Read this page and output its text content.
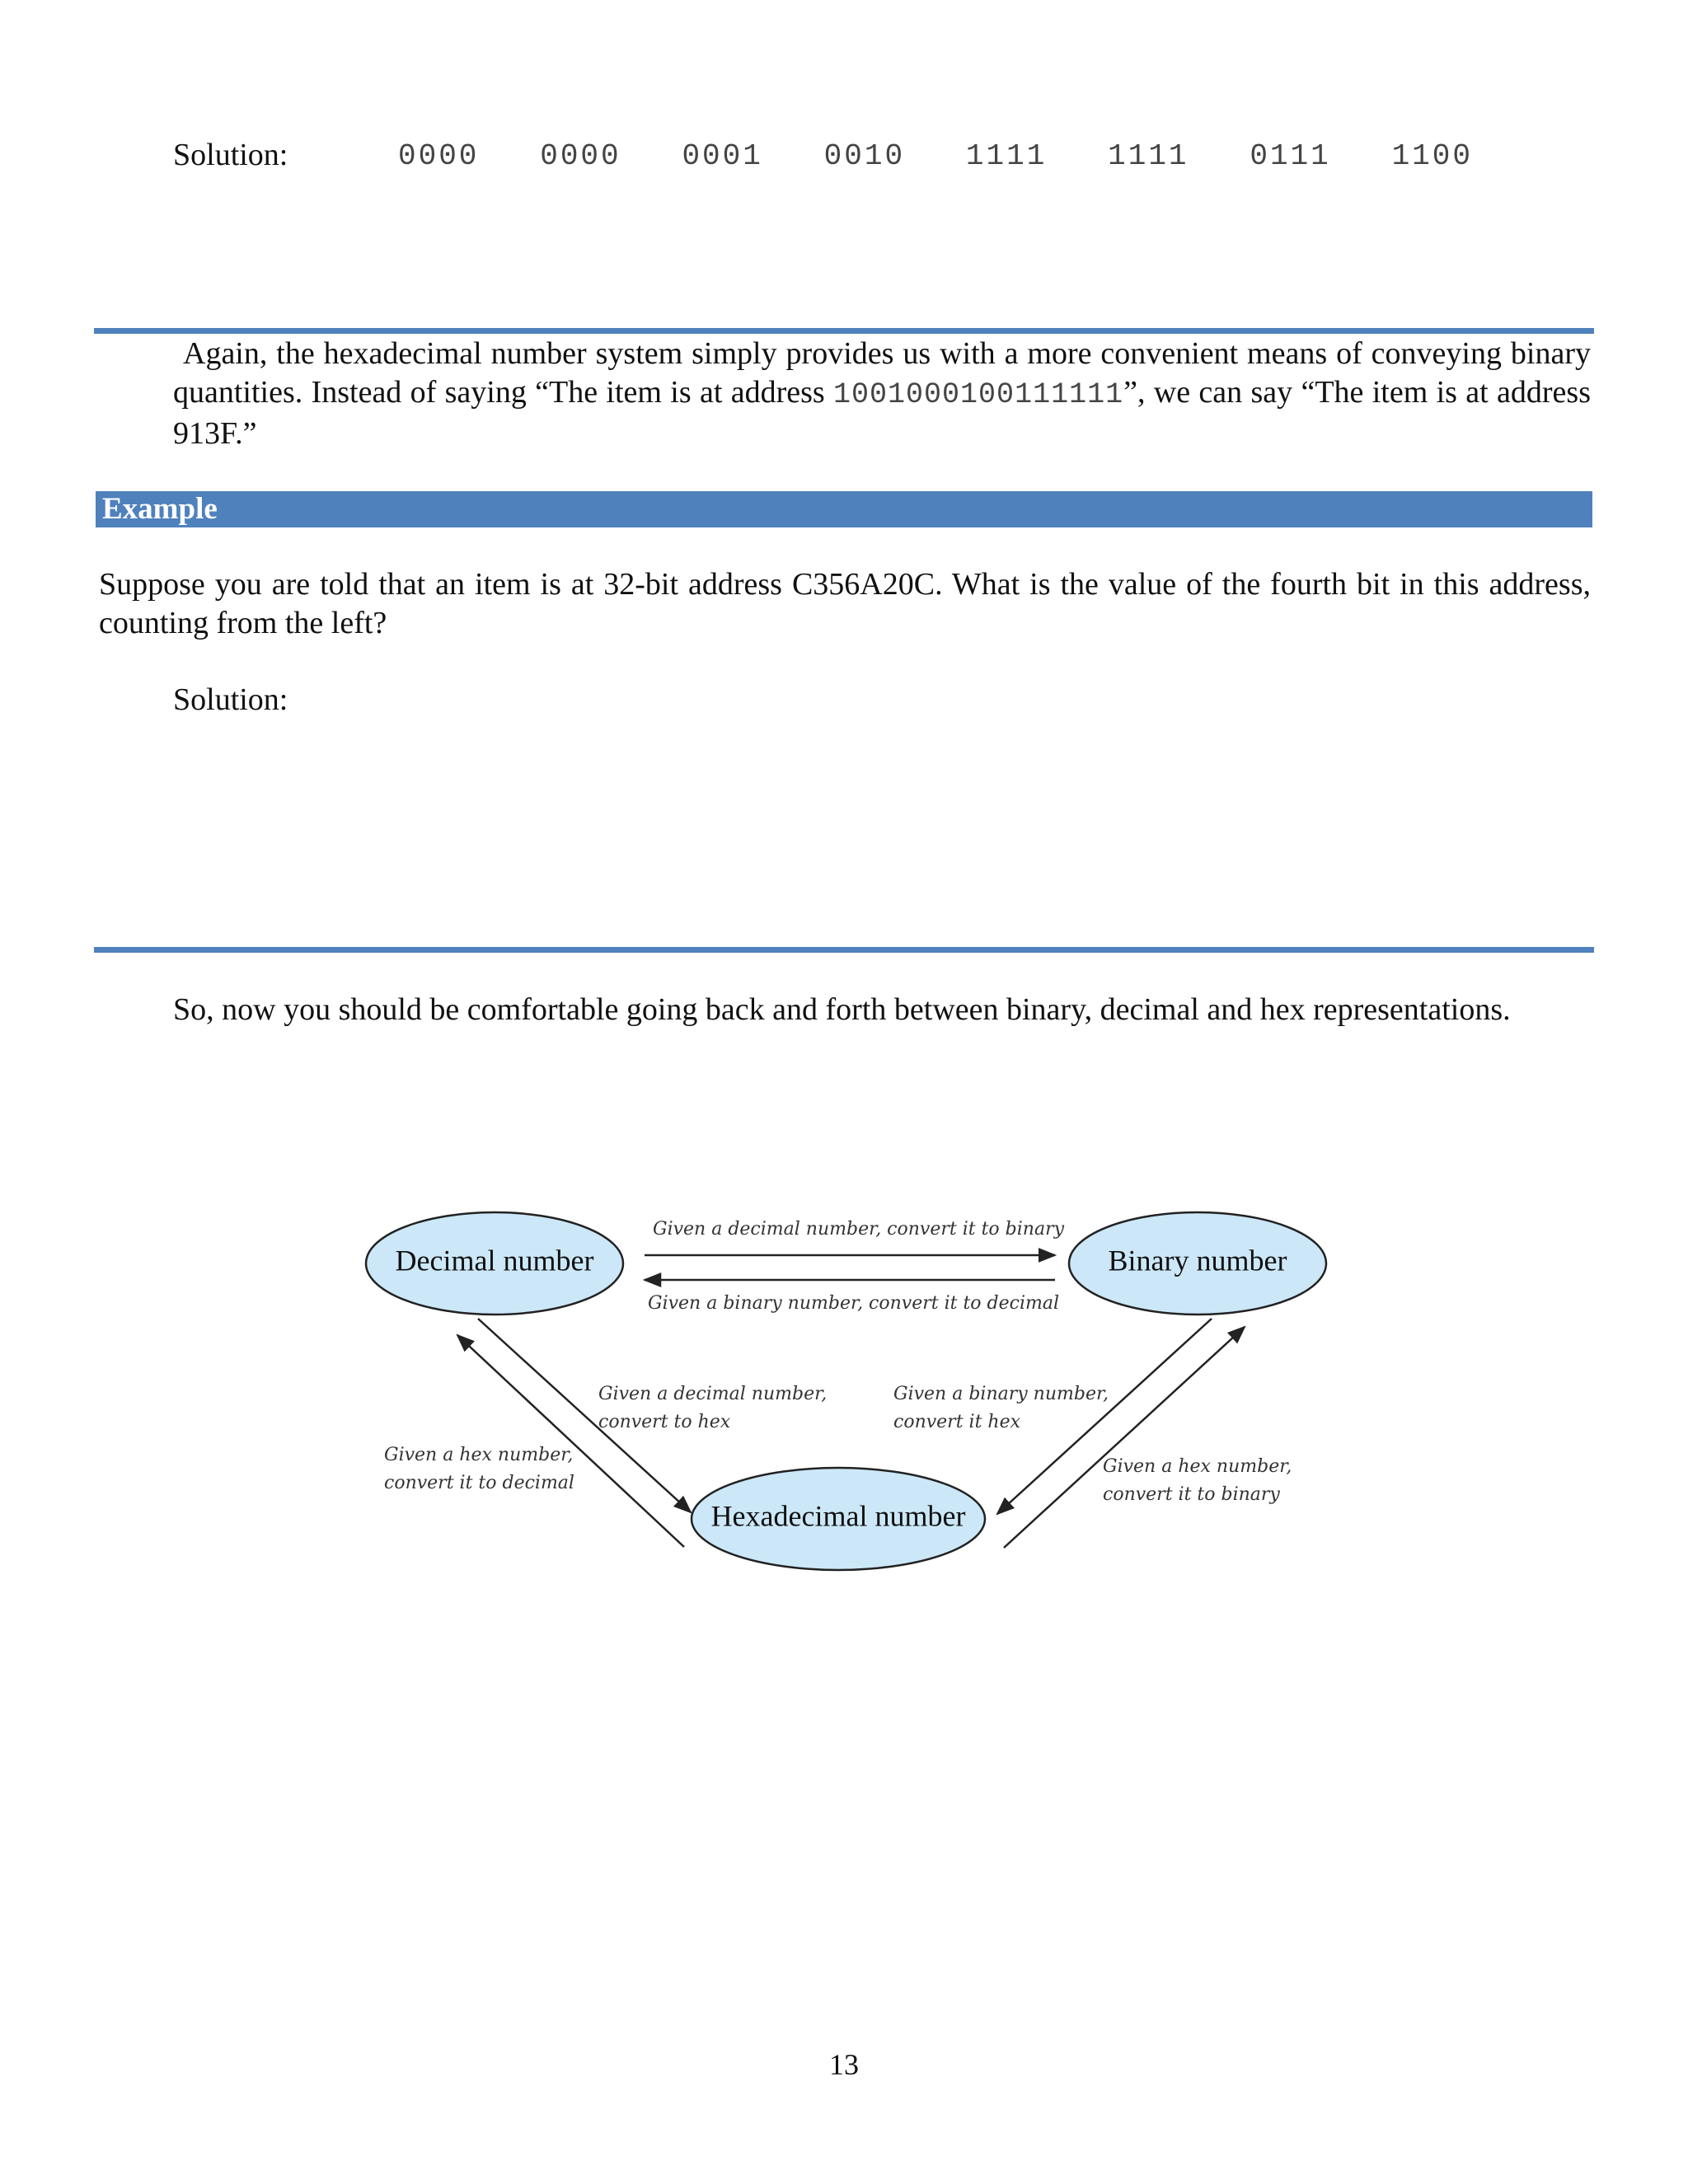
Solution:	0000   0000   0001   0010   1111   1111   0111   1100
Again, the hexadecimal number system simply provides us with a more convenient means of conveying binary quantities. Instead of saying “The item is at address 1001000100111111”, we can say “The item is at address 913F.”
Example
Suppose you are told that an item is at 32-bit address C356A20C. What is the value of the fourth bit in this address, counting from the left?
Solution:
So, now you should be comfortable going back and forth between binary, decimal and hex representations.
Decimal number	Binary number
Hexadecimal number
Given a decimal number, convert it to binary
Given a binary number, convert it to decimal
Given a decimal number,
convert to hex
Given a hex number,
convert it to decimal
Given a binary number,
convert it hex
Given a hex number,
convert it to binary
13
